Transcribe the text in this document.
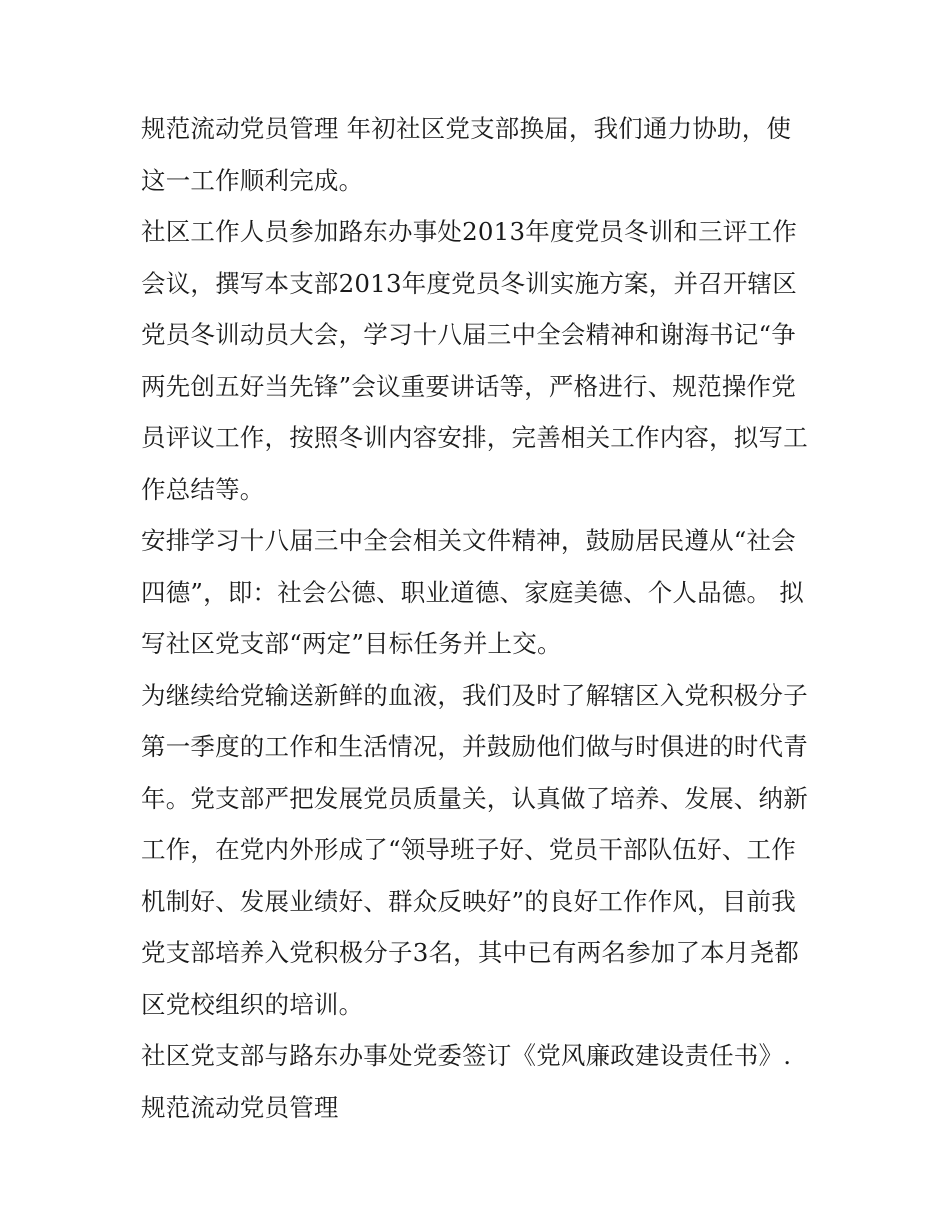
规范流动党员管理 年初社区党支部换届，我们通力协助，使
这一工作顺利完成。

社区工作人员参加路东办事处2013年度党员冬训和三评工作
会议，撰写本支部2013年度党员冬训实施方案，并召开辖区
党员冬训动员大会，学习十八届三中全会精神和谢海书记“争
两先创五好当先锋”会议重要讲话等，严格进行、规范操作党
员评议工作，按照冬训内容安排，完善相关工作内容，拟写工
作总结等。

安排学习十八届三中全会相关文件精神，鼓励居民遵从“社会
四德”，即：社会公德、职业道德、家庭美德、个人品德。 拟
写社区党支部“两定”目标任务并上交。

为继续给党输送新鲜的血液，我们及时了解辖区入党积极分子
第一季度的工作和生活情况，并鼓励他们做与时俱进的时代青
年。党支部严把发展党员质量关，认真做了培养、发展、纳新
工作，在党内外形成了“领导班子好、党员干部队伍好、工作
机制好、发展业绩好、群众反映好”的良好工作作风，目前我
党支部培养入党积极分子3名，其中已有两名参加了本月尧都
区党校组织的培训。

社区党支部与路东办事处党委签订《党风廉政建设责任书》.
规范流动党员管理
